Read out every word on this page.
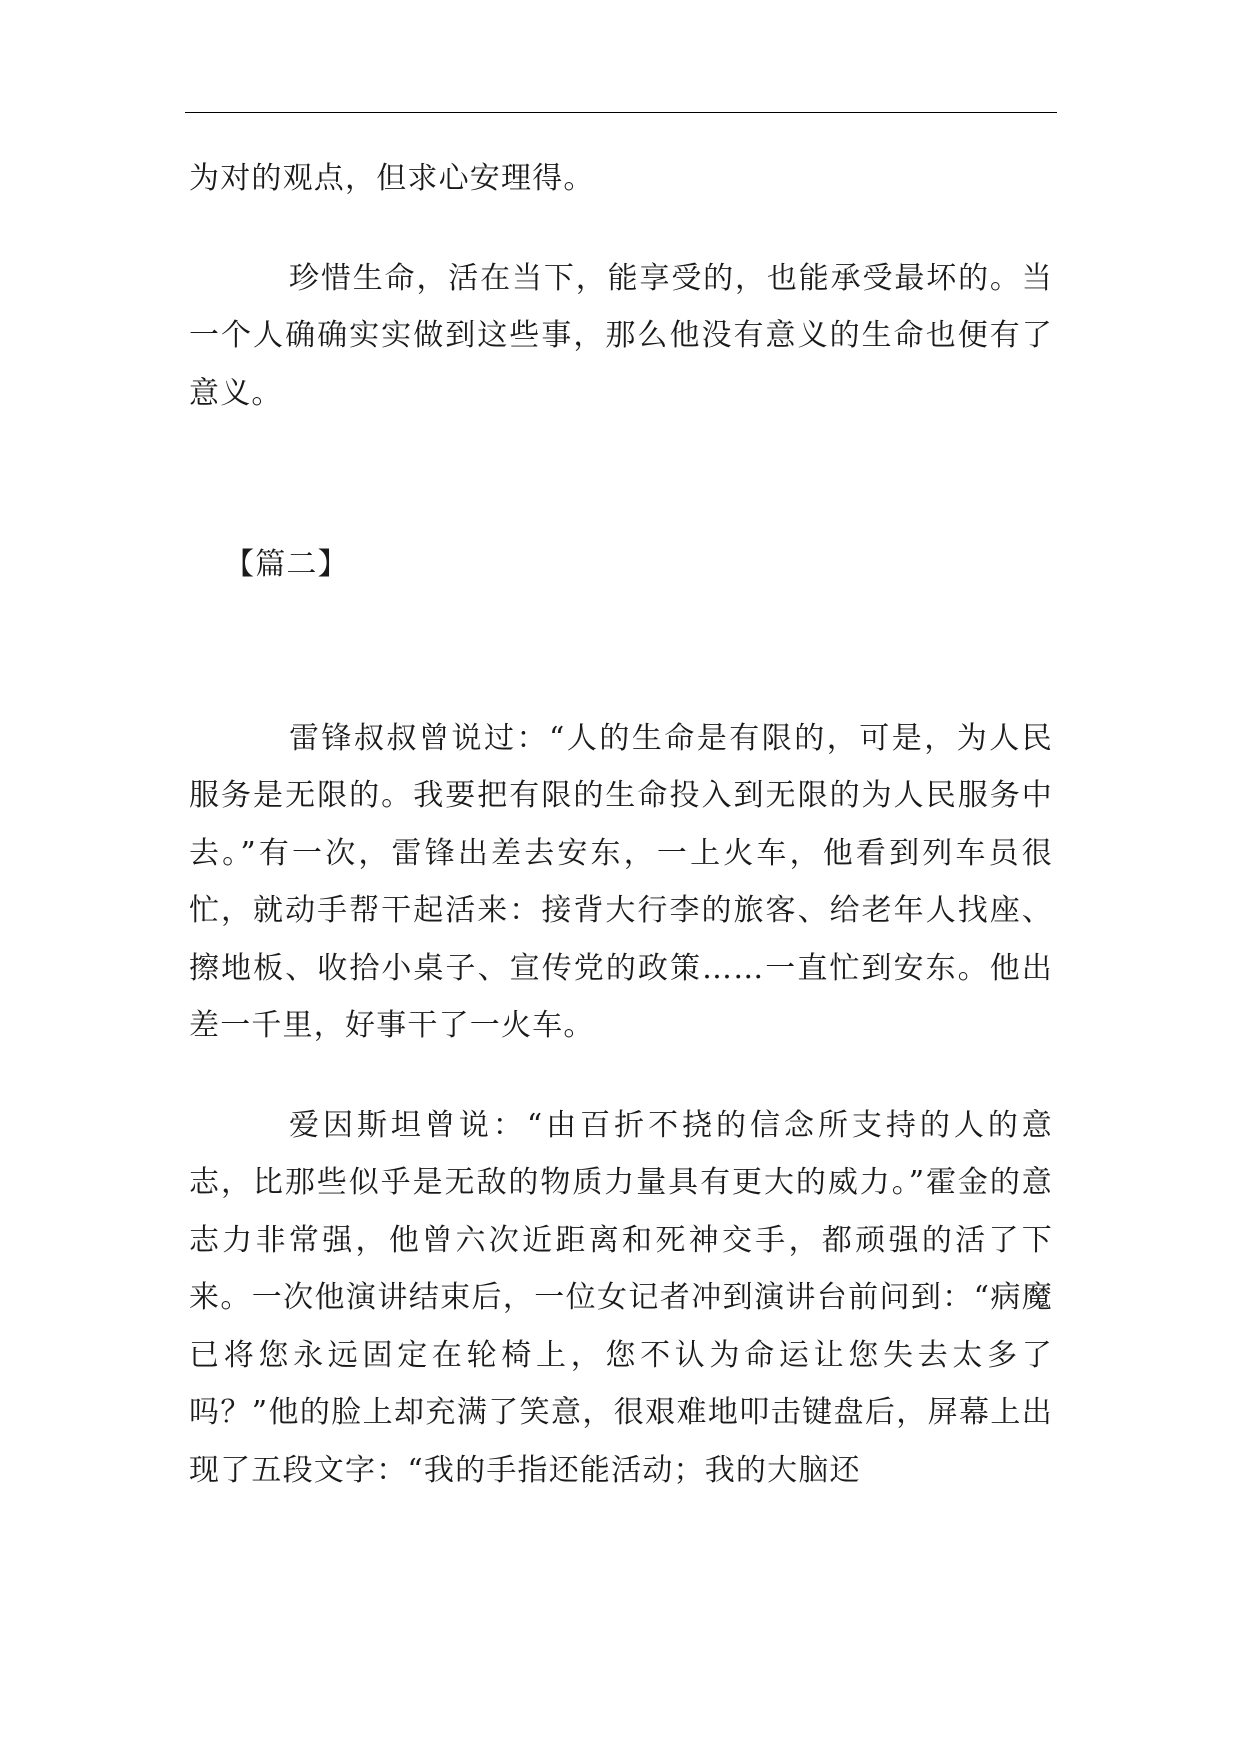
为对的观点，但求心安理得。

珍惜生命，活在当下，能享受的，也能承受最坏的。当一个人确确实实做到这些事，那么他没有意义的生命也便有了意义。

【篇二】

雷锋叔叔曾说过：“人的生命是有限的，可是，为人民服务是无限的。我要把有限的生命投入到无限的为人民服务中去。”有一次，雷锋出差去安东，一上火车，他看到列车员很忙，就动手帮干起活来：接背大行李的旅客、给老年人找座、擦地板、收拾小桌子、宣传党的政策……一直忙到安东。他出差一千里，好事干了一火车。

爱因斯坦曾说：“由百折不挠的信念所支持的人的意志，比那些似乎是无敌的物质力量具有更大的威力。”霍金的意志力非常强，他曾六次近距离和死神交手，都顽强的活了下来。一次他演讲结束后，一位女记者冲到演讲台前问到：“病魔已将您永远固定在轮椅上，您不认为命运让您失去太多了吗？”他的脸上却充满了笑意，很艰难地叩击键盘后，屏幕上出现了五段文字：“我的手指还能活动；我的大脑还
